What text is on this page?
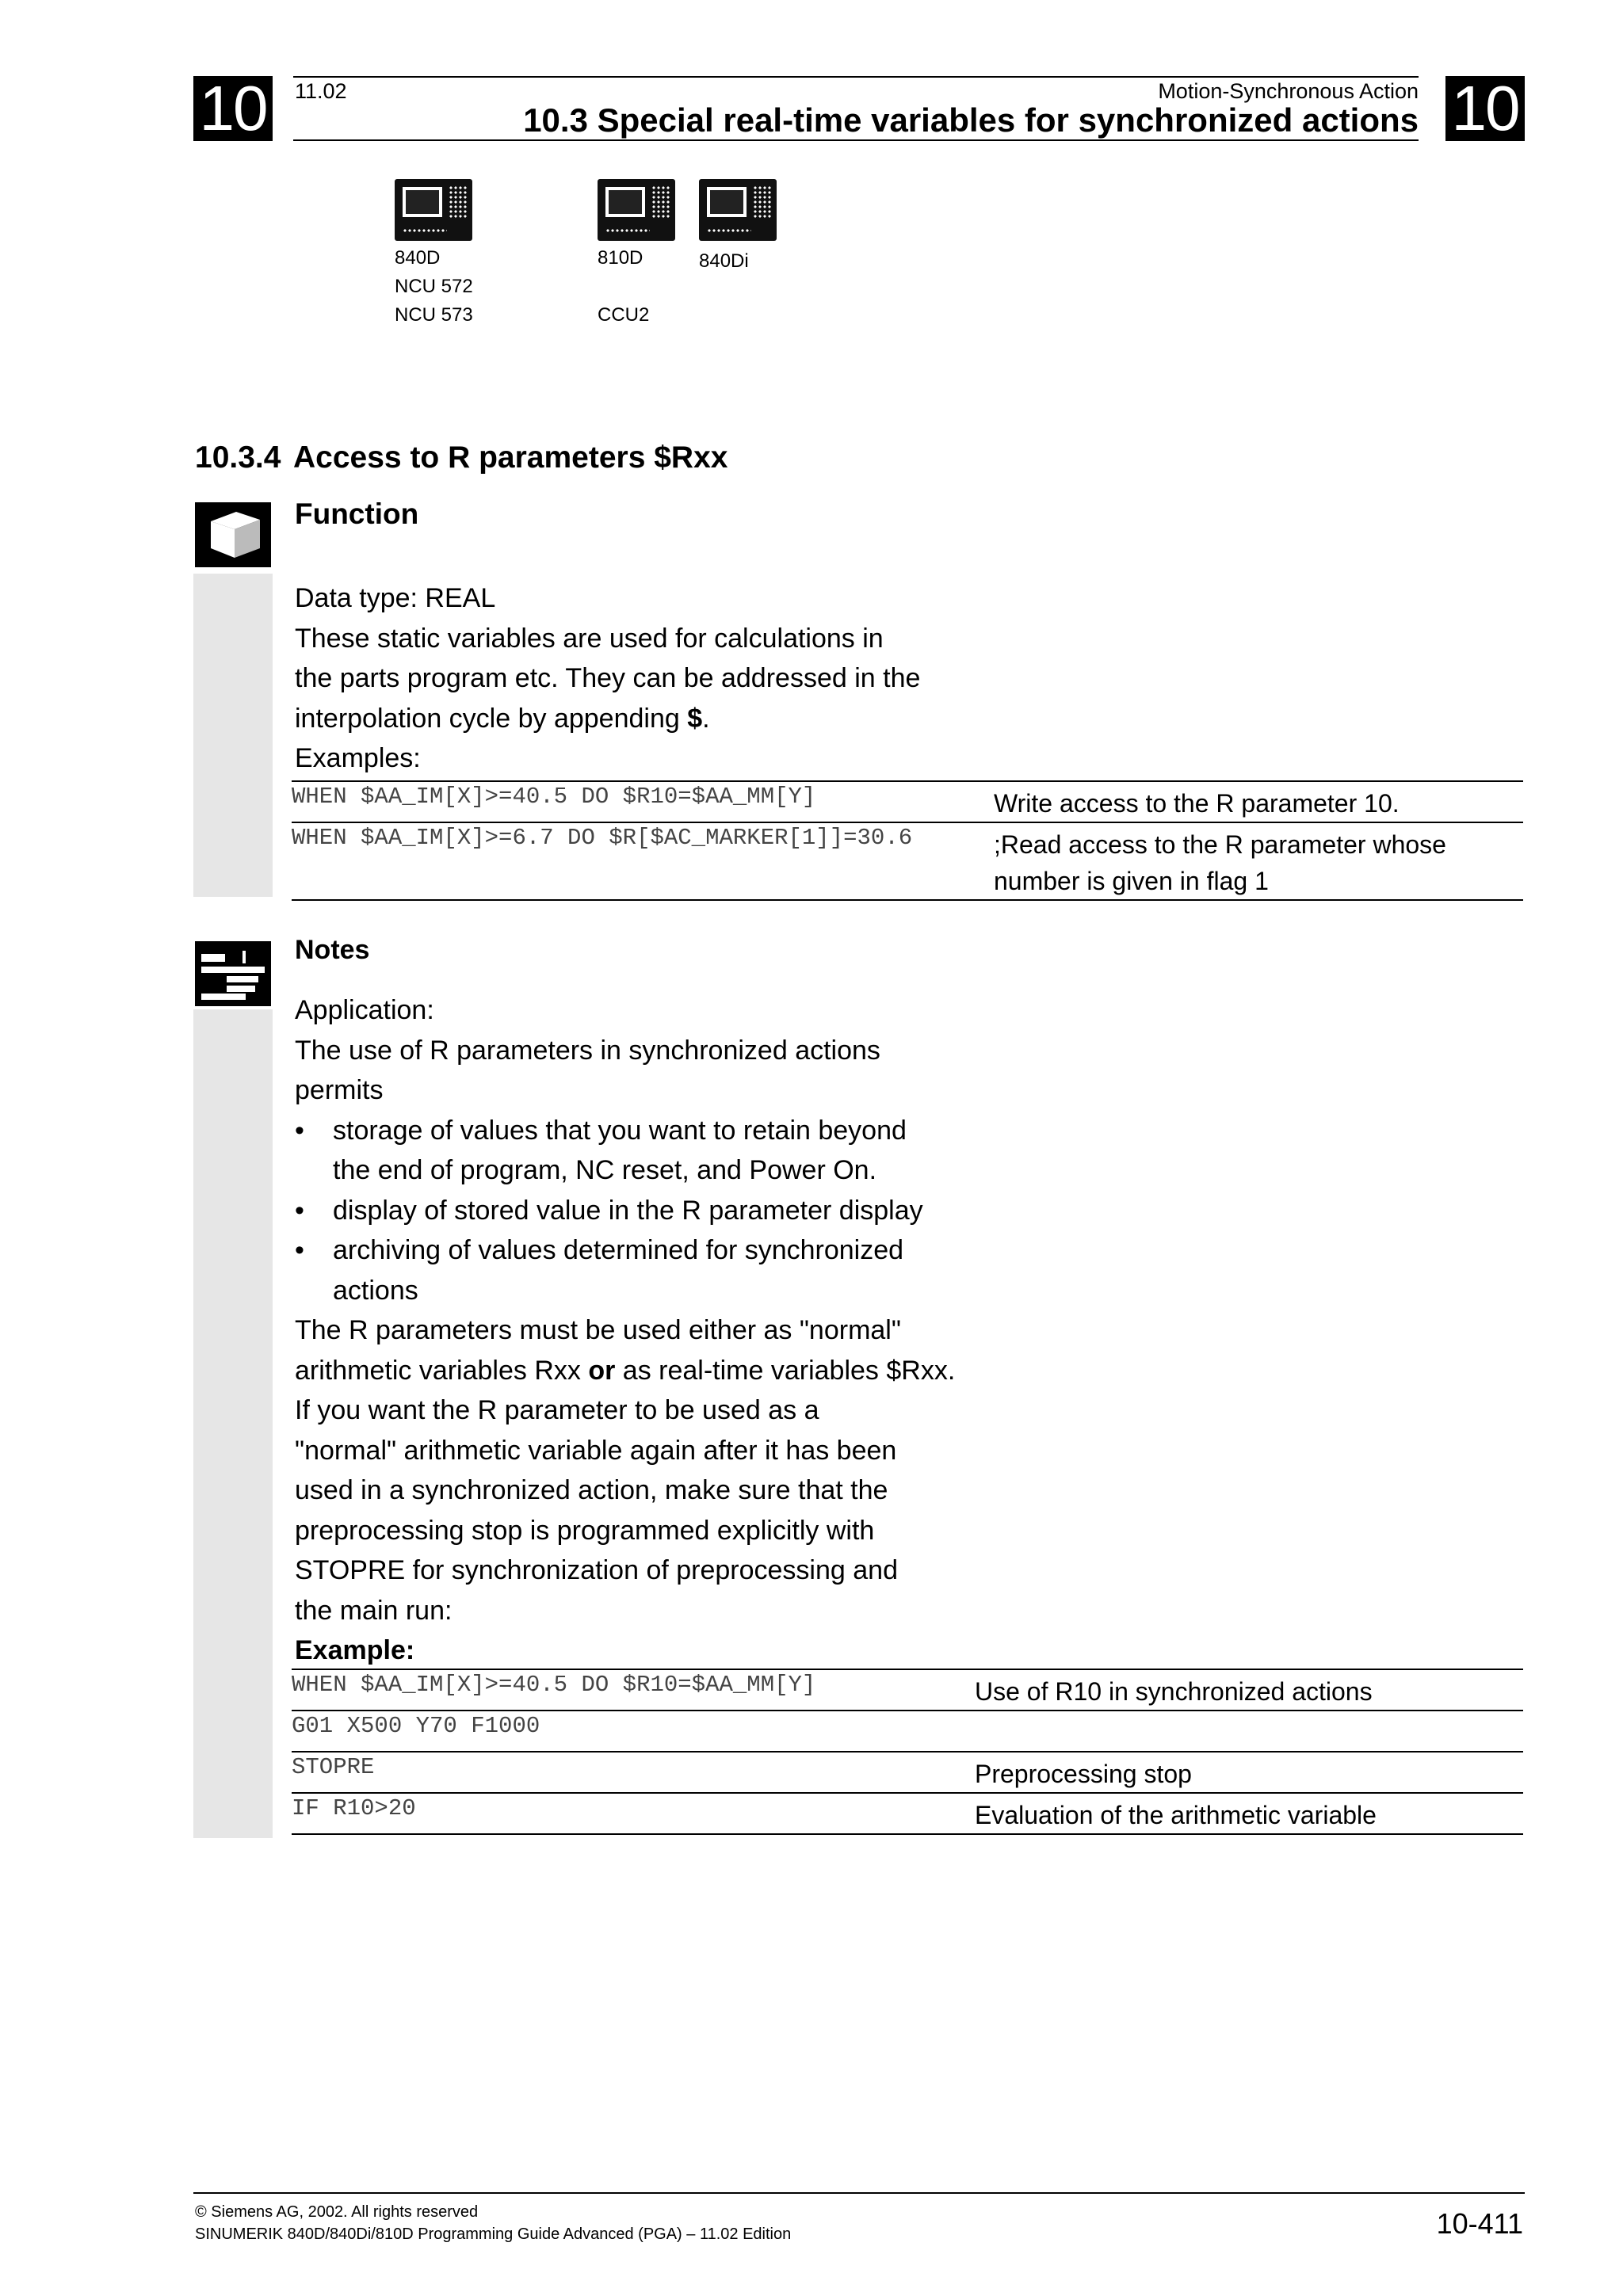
10	10
11.02	Motion-Synchronous Action
10.3 Special real-time variables for synchronized actions
840D
NCU 572
NCU 573
810D
CCU2
840Di
10.3.4 Access to R parameters $Rxx
Function

Data type: REAL

These static variables are used for calculations in

the parts program etc. They can be addressed in the

interpolation cycle by appending $.

Examples:

WHEN $AA_IM[X]>=40.5 DO $R10=$AA_MM[Y]	Write access to the R parameter 10.
WHEN $AA_IM[X]>=6.7 DO $R[$AC_MARKER[1]]=30.6	;Read access to the R parameter whose number is given in flag 1
Notes

Application:

The use of R parameters in synchronized actions

permits

• storage of values that you want to retain beyond
the end of program, NC reset, and Power On.
• display of stored value in the R parameter display
• archiving of values determined for synchronized
actions

The R parameters must be used either as "normal"

arithmetic variables Rxx or as real-time variables $Rxx.

If you want the R parameter to be used as a

"normal" arithmetic variable again after it has been

used in a synchronized action, make sure that the

preprocessing stop is programmed explicitly with

STOPRE for synchronization of preprocessing and

the main run:

Example:

WHEN $AA_IM[X]>=40.5 DO $R10=$AA_MM[Y]	Use of R10 in synchronized actions
G01 X500 Y70 F1000	
STOPRE	Preprocessing stop
IF R10>20	Evaluation of the arithmetic variable
© Siemens AG, 2002. All rights reserved
SINUMERIK 840D/840Di/810D Programming Guide Advanced (PGA) – 11.02 Edition	10-411
